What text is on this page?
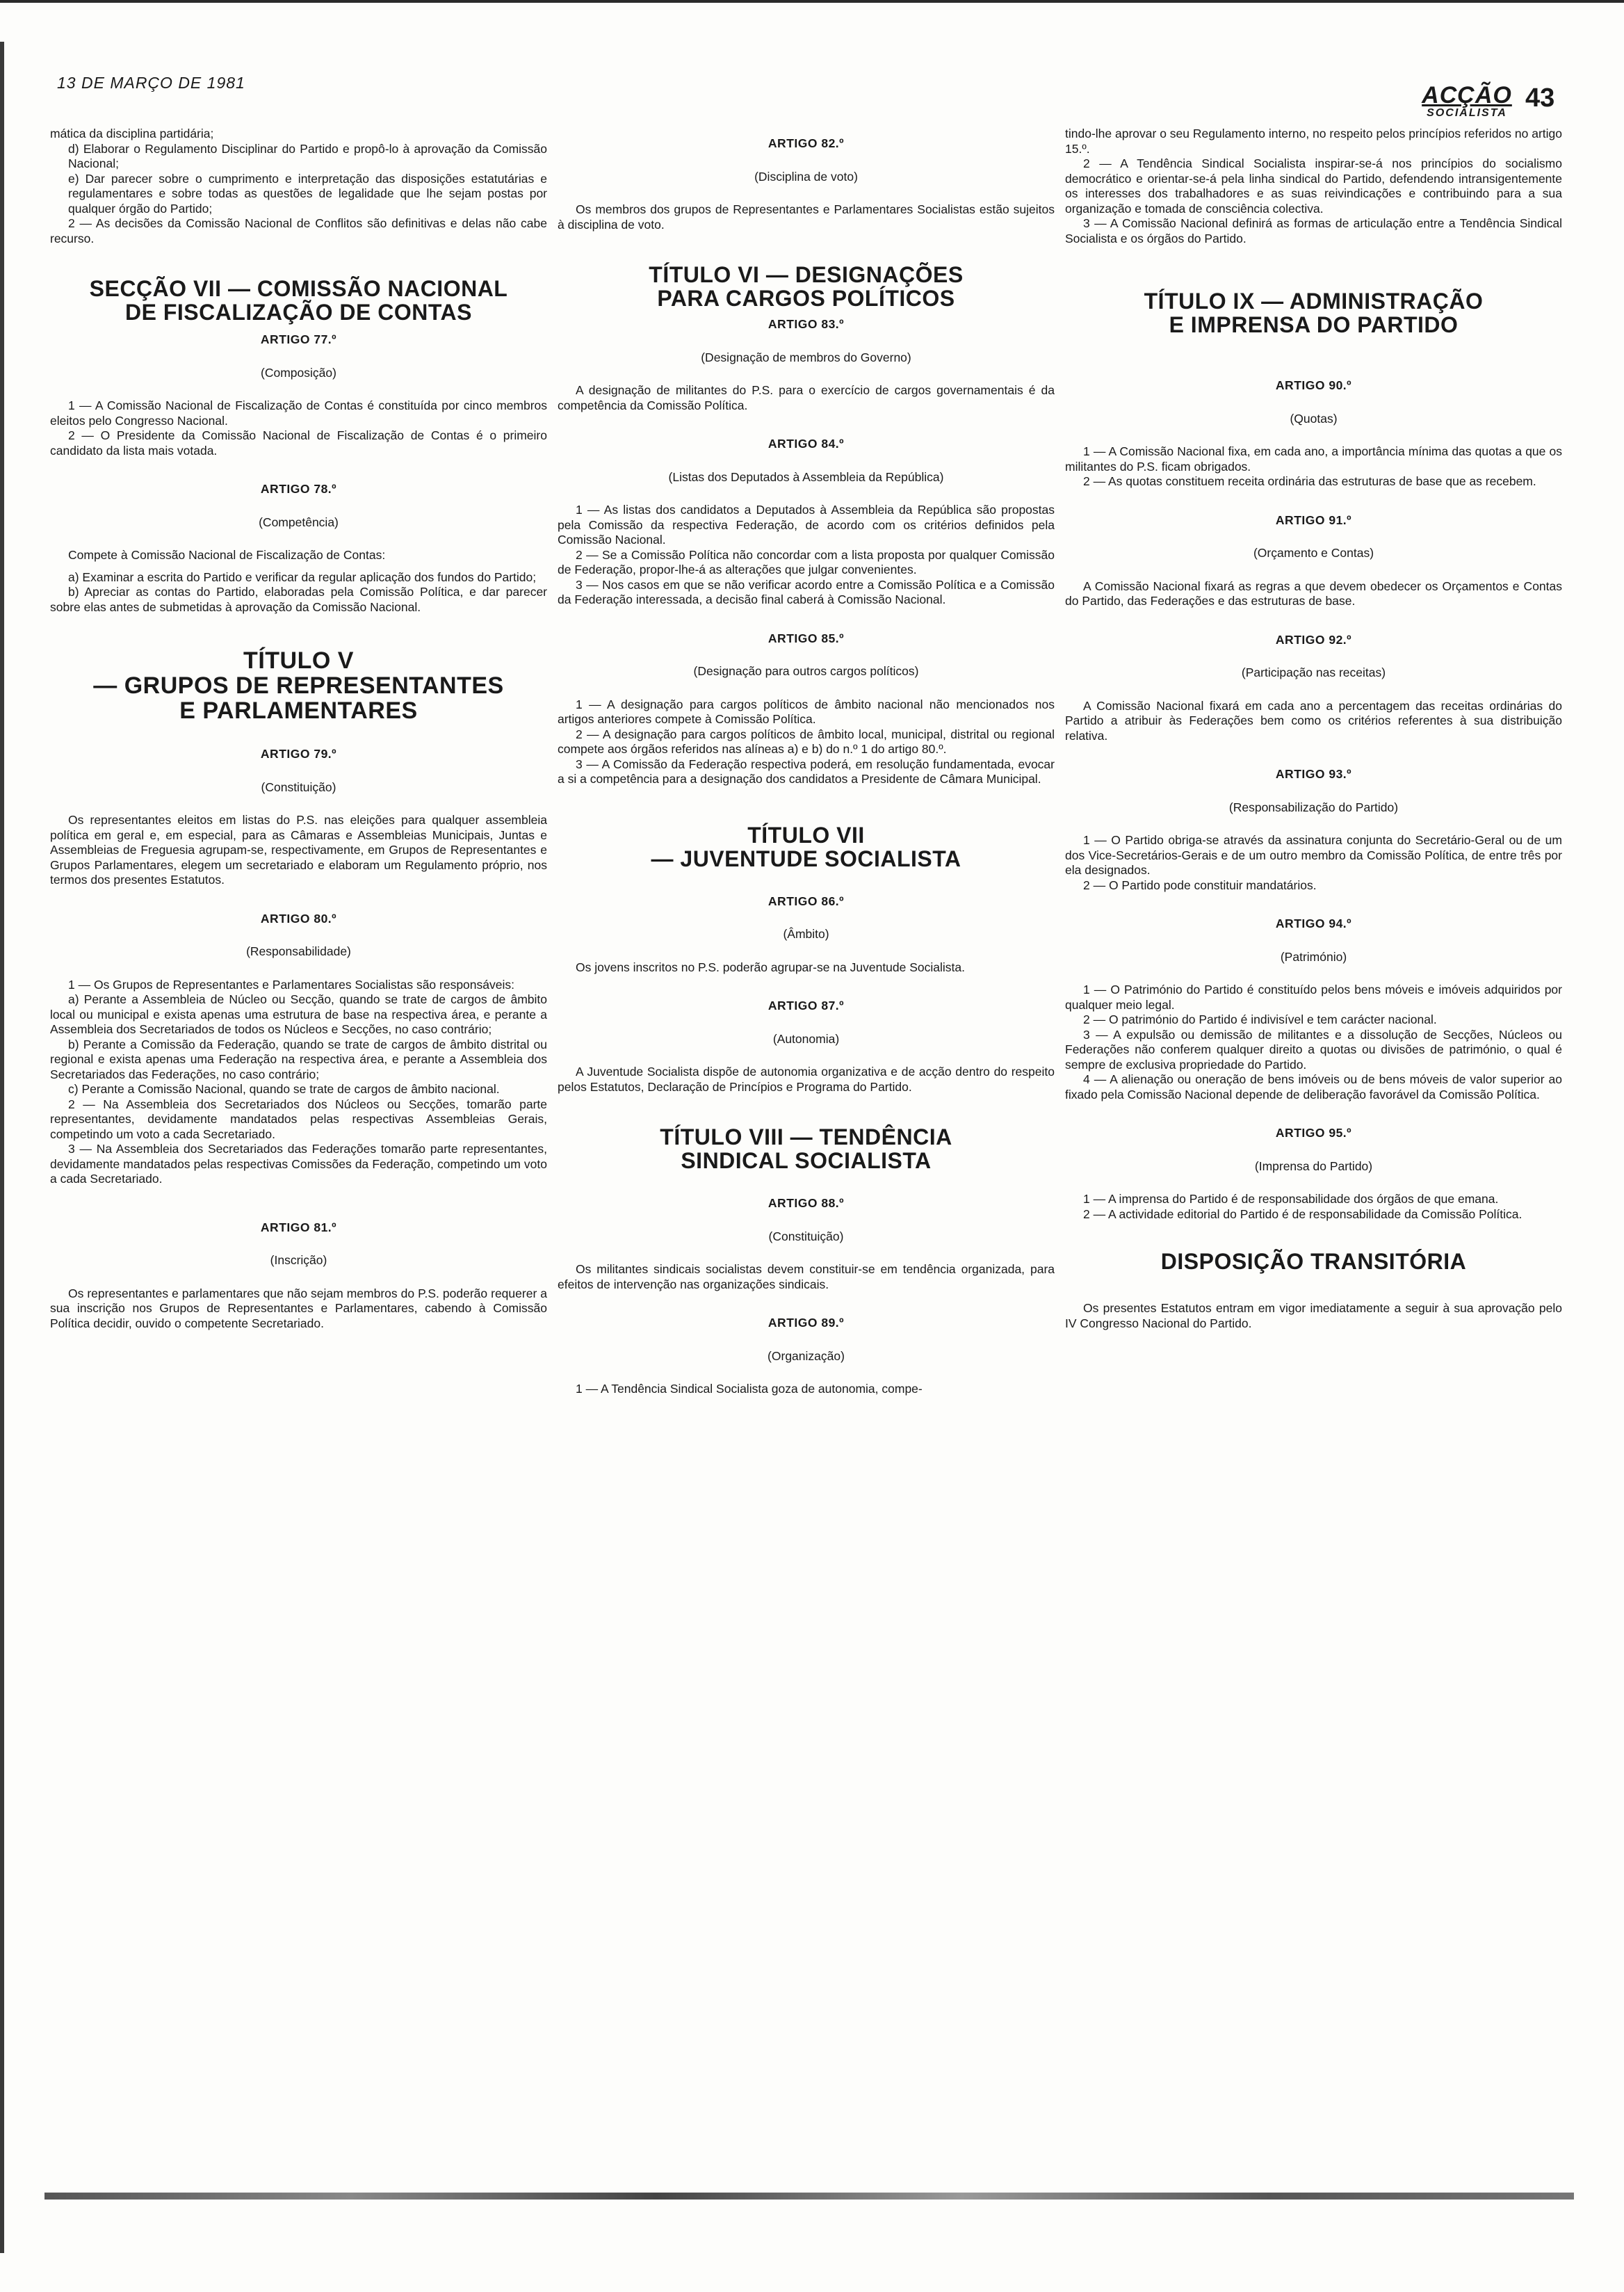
13 DE MARÇO DE 1981	ACÇÃO
SOCIALISTA
43

mática da disciplina partidária;

d) Elaborar o Regulamento Disciplinar do Partido e propô-lo à aprovação da Comissão Nacional;

e) Dar parecer sobre o cumprimento e interpretação das disposições estatutárias e regulamentares e sobre todas as questões de legalidade que lhe sejam postas por qualquer órgão do Partido;

2 — As decisões da Comissão Nacional de Conflitos são definitivas e delas não cabe recurso.

SECÇÃO VII — COMISSÃO NACIONAL
DE FISCALIZAÇÃO DE CONTAS
ARTIGO 77.º
(Composição)

1 — A Comissão Nacional de Fiscalização de Contas é constituída por cinco membros eleitos pelo Congresso Nacional.

2 — O Presidente da Comissão Nacional de Fiscalização de Contas é o primeiro candidato da lista mais votada.

ARTIGO 78.º
(Competência)

Compete à Comissão Nacional de Fiscalização de Contas:

a) Examinar a escrita do Partido e verificar da regular aplicação dos fundos do Partido;

b) Apreciar as contas do Partido, elaboradas pela Comissão Política, e dar parecer sobre elas antes de submetidas à aprovação da Comissão Nacional.

TÍTULO V
— GRUPOS DE REPRESENTANTES
E PARLAMENTARES
ARTIGO 79.º
(Constituição)

Os representantes eleitos em listas do P.S. nas eleições para qualquer assembleia política em geral e, em especial, para as Câmaras e Assembleias Municipais, Juntas e Assembleias de Freguesia agrupam-se, respectivamente, em Grupos de Representantes e Grupos Parlamentares, elegem um secretariado e elaboram um Regulamento próprio, nos termos dos presentes Estatutos.

ARTIGO 80.º
(Responsabilidade)

1 — Os Grupos de Representantes e Parlamentares Socialistas são responsáveis:

a) Perante a Assembleia de Núcleo ou Secção, quando se trate de cargos de âmbito local ou municipal e exista apenas uma estrutura de base na respectiva área, e perante a Assembleia dos Secretariados de todos os Núcleos e Secções, no caso contrário;

b) Perante a Comissão da Federação, quando se trate de cargos de âmbito distrital ou regional e exista apenas uma Federação na respectiva área, e perante a Assembleia dos Secretariados das Federações, no caso contrário;

c) Perante a Comissão Nacional, quando se trate de cargos de âmbito nacional.

2 — Na Assembleia dos Secretariados dos Núcleos ou Secções, tomarão parte representantes, devidamente mandatados pelas respectivas Assembleias Gerais, competindo um voto a cada Secretariado.

3 — Na Assembleia dos Secretariados das Federações tomarão parte representantes, devidamente mandatados pelas respectivas Comissões da Federação, competindo um voto a cada Secretariado.

ARTIGO 81.º
(Inscrição)

Os representantes e parlamentares que não sejam membros do P.S. poderão requerer a sua inscrição nos Grupos de Representantes e Parlamentares, cabendo à Comissão Política decidir, ouvido o competente Secretariado.

ARTIGO 82.º
(Disciplina de voto)

Os membros dos grupos de Representantes e Parlamentares Socialistas estão sujeitos à disciplina de voto.

TÍTULO VI — DESIGNAÇÕES
PARA CARGOS POLÍTICOS
ARTIGO 83.º
(Designação de membros do Governo)

A designação de militantes do P.S. para o exercício de cargos governamentais é da competência da Comissão Política.

ARTIGO 84.º
(Listas dos Deputados à Assembleia da República)

1 — As listas dos candidatos a Deputados à Assembleia da República são propostas pela Comissão da respectiva Federação, de acordo com os critérios definidos pela Comissão Nacional.

2 — Se a Comissão Política não concordar com a lista proposta por qualquer Comissão de Federação, propor-lhe-á as alterações que julgar convenientes.

3 — Nos casos em que se não verificar acordo entre a Comissão Política e a Comissão da Federação interessada, a decisão final caberá à Comissão Nacional.

ARTIGO 85.º
(Designação para outros cargos políticos)

1 — A designação para cargos políticos de âmbito nacional não mencionados nos artigos anteriores compete à Comissão Política.

2 — A designação para cargos políticos de âmbito local, municipal, distrital ou regional compete aos órgãos referidos nas alíneas a) e b) do n.º 1 do artigo 80.º.

3 — A Comissão da Federação respectiva poderá, em resolução fundamentada, evocar a si a competência para a designação dos candidatos a Presidente de Câmara Municipal.

TÍTULO VII
— JUVENTUDE SOCIALISTA
ARTIGO 86.º
(Âmbito)

Os jovens inscritos no P.S. poderão agrupar-se na Juventude Socialista.

ARTIGO 87.º
(Autonomia)

A Juventude Socialista dispõe de autonomia organizativa e de acção dentro do respeito pelos Estatutos, Declaração de Princípios e Programa do Partido.

TÍTULO VIII — TENDÊNCIA
SINDICAL SOCIALISTA
ARTIGO 88.º
(Constituição)

Os militantes sindicais socialistas devem constituir-se em tendência organizada, para efeitos de intervenção nas organizações sindicais.

ARTIGO 89.º
(Organização)

1 — A Tendência Sindical Socialista goza de autonomia, compe-

tindo-lhe aprovar o seu Regulamento interno, no respeito pelos princípios referidos no artigo 15.º.

2 — A Tendência Sindical Socialista inspirar-se-á nos princípios do socialismo democrático e orientar-se-á pela linha sindical do Partido, defendendo intransigentemente os interesses dos trabalhadores e as suas reivindicações e contribuindo para a sua organização e tomada de consciência colectiva.

3 — A Comissão Nacional definirá as formas de articulação entre a Tendência Sindical Socialista e os órgãos do Partido.

TÍTULO IX — ADMINISTRAÇÃO
E IMPRENSA DO PARTIDO
ARTIGO 90.º
(Quotas)

1 — A Comissão Nacional fixa, em cada ano, a importância mínima das quotas a que os militantes do P.S. ficam obrigados.

2 — As quotas constituem receita ordinária das estruturas de base que as recebem.

ARTIGO 91.º
(Orçamento e Contas)

A Comissão Nacional fixará as regras a que devem obedecer os Orçamentos e Contas do Partido, das Federações e das estruturas de base.

ARTIGO 92.º
(Participação nas receitas)

A Comissão Nacional fixará em cada ano a percentagem das receitas ordinárias do Partido a atribuir às Federações bem como os critérios referentes à sua distribuição relativa.

ARTIGO 93.º
(Responsabilização do Partido)

1 — O Partido obriga-se através da assinatura conjunta do Secretário-Geral ou de um dos Vice-Secretários-Gerais e de um outro membro da Comissão Política, de entre três por ela designados.

2 — O Partido pode constituir mandatários.

ARTIGO 94.º
(Património)

1 — O Património do Partido é constituído pelos bens móveis e imóveis adquiridos por qualquer meio legal.

2 — O património do Partido é indivisível e tem carácter nacional.

3 — A expulsão ou demissão de militantes e a dissolução de Secções, Núcleos ou Federações não conferem qualquer direito a quotas ou divisões de património, o qual é sempre de exclusiva propriedade do Partido.

4 — A alienação ou oneração de bens imóveis ou de bens móveis de valor superior ao fixado pela Comissão Nacional depende de deliberação favorável da Comissão Política.

ARTIGO 95.º
(Imprensa do Partido)

1 — A imprensa do Partido é de responsabilidade dos órgãos de que emana.

2 — A actividade editorial do Partido é de responsabilidade da Comissão Política.

DISPOSIÇÃO TRANSITÓRIA

Os presentes Estatutos entram em vigor imediatamente a seguir à sua aprovação pelo IV Congresso Nacional do Partido.
